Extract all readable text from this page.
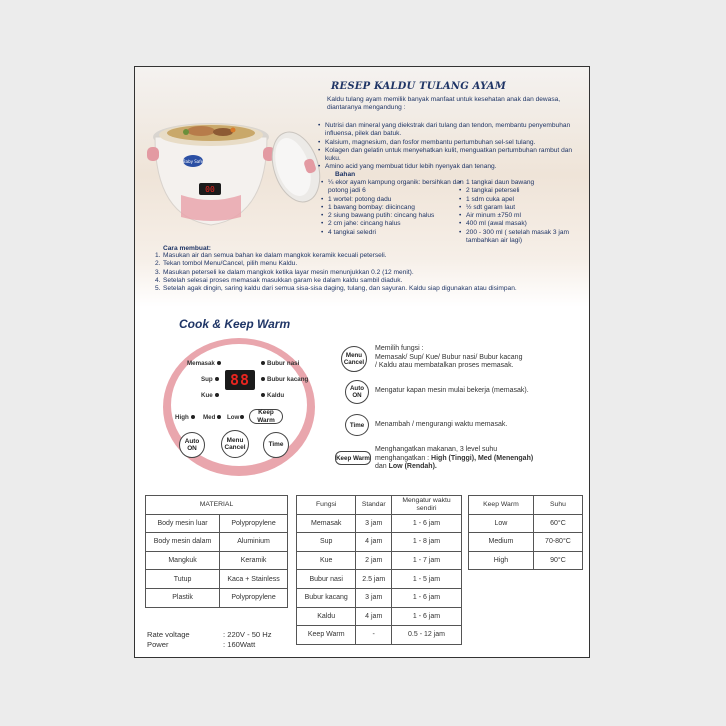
00
Baby Safe
RESEP KALDU TULANG AYAM
Kaldu tulang ayam memilik banyak manfaat untuk kesehatan anak dan dewasa, diantaranya mengandung :
• Nutrisi dan mineral yang diekstrak dari tulang dan tendon, membantu penyembuhan influensa, pilek dan batuk.
• Kalsium, magnesium, dan fosfor membantu pertumbuhan sel-sel tulang.
• Kolagen dan gelatin untuk menyehatkan kulit, menguatkan pertumbuhan rambut dan kuku.
• Amino acid yang membuat tidur lebih nyenyak dan tenang.
Bahan
• ¼ ekor ayam kampung organik: bersihkan dan potong jadi 6
• 1 wortel: potong dadu
• 1 bawang bombay: diicincang
• 2 siung bawang putih: cincang halus
• 2 cm jahe: cincang halus
• 4 tangkai seledri
• 1 tangkai daun bawang
• 2 tangkai peterseli
• 1 sdm cuka apel
• ½ sdt garam laut
• Air minum ±750 ml
• 400 ml (awal masak)
• 200 - 300 ml ( setelah masak 3 jam tambahkan air lagi)
Cara membuat:
1. Masukan air dan semua bahan ke dalam mangkok keramik kecuali peterseli.
2. Tekan tombol Menu/Cancel, pilih menu Kaldu.
3. Masukan peterseli ke dalam mangkok ketika layar mesin menunjukkan 0.2 (12 menit).
4. Setelah selesai proses memasak masukkan garam ke dalam kaldu sambil diaduk.
5. Setelah agak dingin, saring kaldu dari semua sisa-sisa daging, tulang, dan sayuran. Kaldu siap digunakan atau disimpan.
Cook & Keep Warm
88
Memasak
Sup
Kue
Bubur nasi
Bubur kacang
Kaldu
High Med Low
Keep Warm
Auto
ON
Menu
Cancel	Time
Menu
Cancel
Memilih fungsi :
Memasak/ Sup/ Kue/ Bubur nasi/ Bubur kacang
/ Kaldu atau membatalkan proses memasak.
Auto
ON
Mengatur kapan mesin mulai bekerja (memasak).
Time	Menambah / mengurangi waktu memasak.
Keep Warm
Menghangatkan makanan, 3 level suhu
menghangatkan : High (Tinggi), Med (Menengah)
dan Low (Rendah).
MATERIAL	
Body mesin luar	Polypropylene
Body mesin dalam	Aluminium
Mangkuk	Keramik
Tutup	Kaca + Stainless
Plastik	Polypropylene
Fungsi	Standar	Mengatur waktu sendiri
Memasak	3 jam	1 - 6 jam
Sup	4 jam	1 - 8 jam
Kue	2 jam	1 - 7 jam
Bubur nasi	2.5 jam	1 - 5 jam
Bubur kacang	3 jam	1 - 6 jam
Kaldu	4 jam	1 - 6 jam
Keep Warm	-	0.5 - 12 jam
Keep Warm	Suhu
Low	60°C
Medium	70-80°C
High	90°C
Rate voltage	: 220V - 50 Hz
Power	: 160Watt
